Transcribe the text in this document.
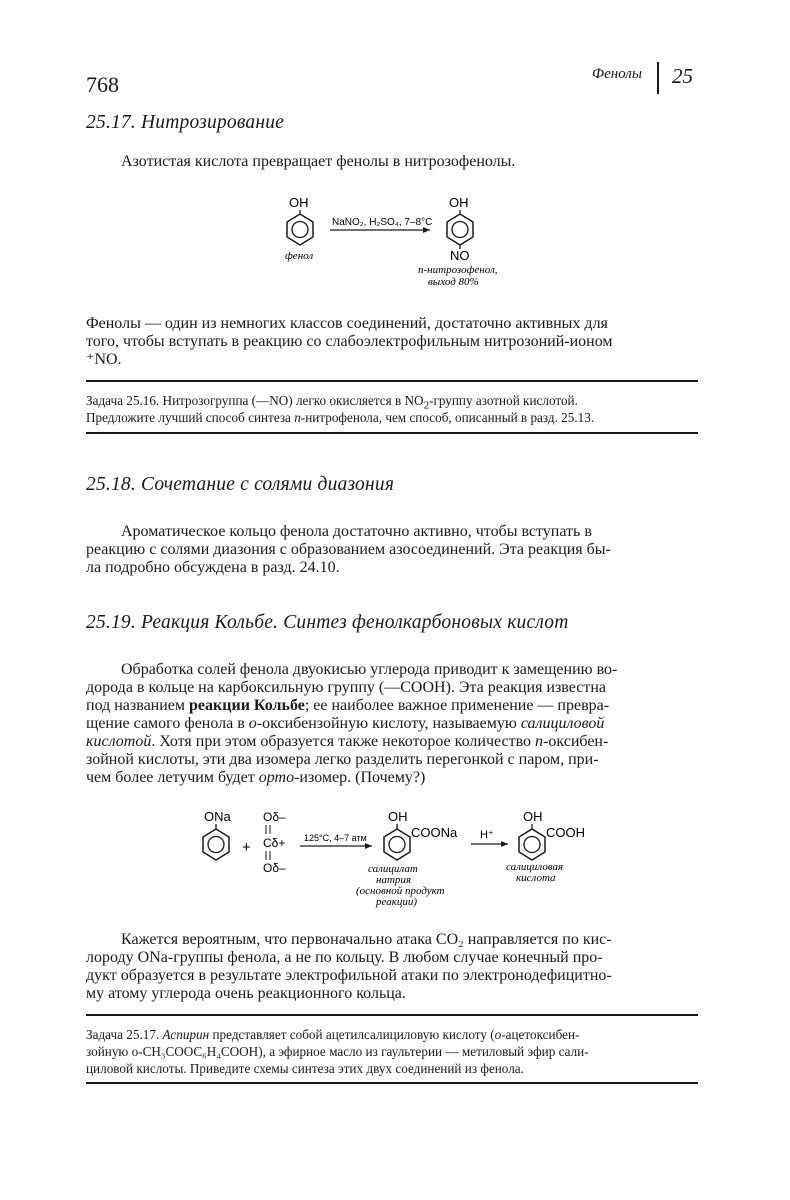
768	Фенолы 25
25.17. Нитрозирование
Азотистая кислота превращает фенолы в нитрозофенолы.
OH
фенол
NaNO₂, H₂SO₄, 7–8°C
OH
NO
n-нитрозофенол,
выход 80%
Фенолы — один из немногих классов соединений, достаточно активных для
того, чтобы вступать в реакцию со слабоэлектрофильным нитрозоний-ионом
⁺NO.
Задача 25.16. Нитрозогруппа (—NO) легко окисляется в $NO_2$-группу азотной кислотой.
Предложите лучший способ синтеза n-нитрофенола, чем способ, описанный в разд. 25.13.
25.18. Сочетание с солями диазония
Ароматическое кольцо фенола достаточно активно, чтобы вступать в
реакцию с солями диазония с образованием азосоединений. Эта реакция бы-
ла подробно обсуждена в разд. 24.10.
25.19. Реакция Кольбе. Синтез фенолкарбоновых кислот
Обработка солей фенола двуокисью углерода приводит к замещению во-
дорода в кольце на карбоксильную группу (—COOH). Эта реакция известна
под названием реакции Кольбе; ее наиболее важное применение — превра-
щение самого фенола в о-оксибензойную кислоту, называемую салициловой
кислотой. Хотя при этом образуется также некоторое количество n-оксибен-
зойной кислоты, эти два изомера легко разделить перегонкой с паром, при-
чем более летучим будет орто-изомер. (Почему?)
ONa
+
Oδ–
Cδ+
Oδ–
125°C, 4–7 атм
OH
COONa
салицилат
натрия
(основной продукт
реакции)
H⁺
OH
COOH
салициловая
кислота
Кажется вероятным, что первоначально атака CO₂ направляется по кис-
лороду ONa-группы фенола, а не по кольцу. В любом случае конечный про-
дукт образуется в результате электрофильной атаки по электронодефицитно-
му атому углерода очень реакционного кольца.
Задача 25.17. Аспирин представляет собой ацетилсалициловую кислоту (о-ацетоксибен-
зойную о-CH₃COOC₆H₄COOH), а эфирное масло из гаультерии — метиловый эфир сали-
циловой кислоты. Приведите схемы синтеза этих двух соединений из фенола.
